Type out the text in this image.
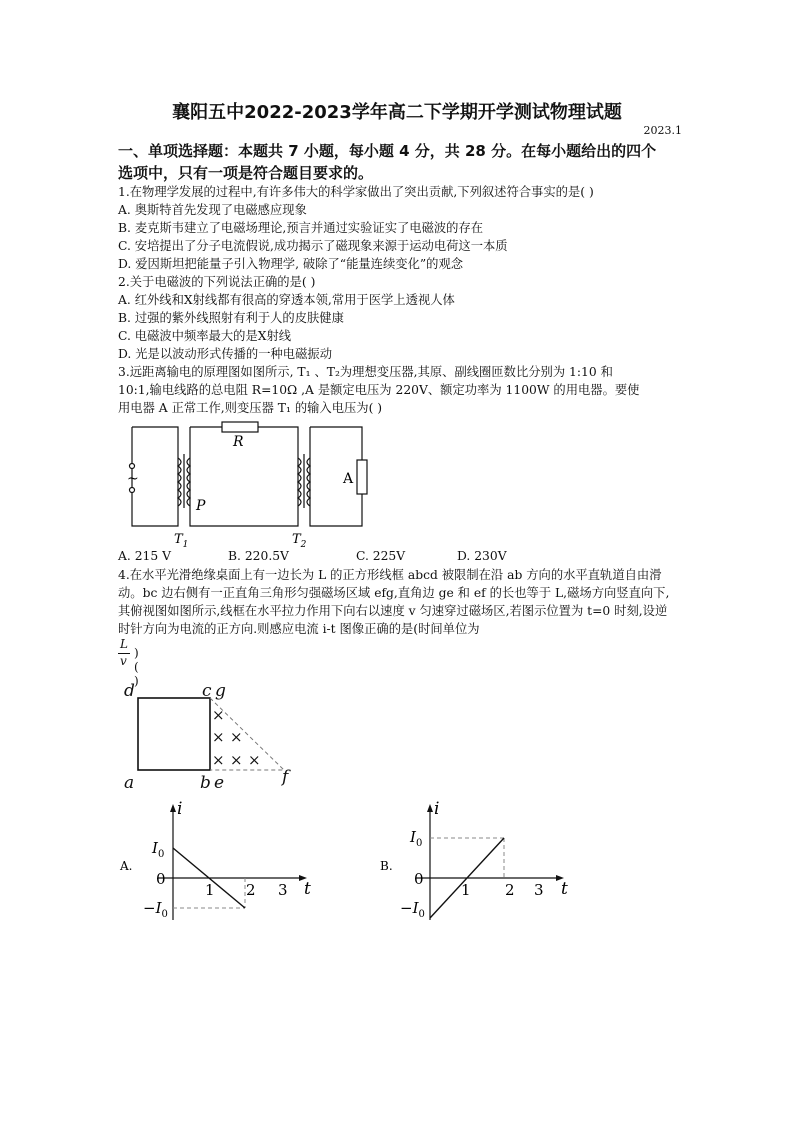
襄阳五中2022-2023学年高二下学期开学测试物理试题
2023.1
一、单项选择题：本题共 7 小题，每小题 4 分，共 28 分。在每小题给出的四个
选项中，只有一项是符合题目要求的。
1.在物理学发展的过程中,有许多伟大的科学家做出了突出贡献,下列叙述符合事实的是( )
A. 奥斯特首先发现了电磁感应现象
B. 麦克斯韦建立了电磁场理论,预言并通过实验证实了电磁波的存在
C. 安培提出了分子电流假说,成功揭示了磁现象来源于运动电荷这一本质
D. 爱因斯坦把能量子引入物理学, 破除了“能量连续变化”的观念
2.关于电磁波的下列说法正确的是( )
A. 红外线和X射线都有很高的穿透本领,常用于医学上透视人体
B. 过强的紫外线照射有利于人的皮肤健康
C. 电磁波中频率最大的是X射线
D. 光是以波动形式传播的一种电磁振动
3.远距离输电的原理图如图所示, T₁ 、T₂为理想变压器,其原、副线圈匝数比分别为 1:10 和
10:1,输电线路的总电阻 R=10Ω ,A 是额定电压为 220V、额定功率为 1100W 的用电器。要使
用电器 A 正常工作,则变压器 T₁ 的输入电压为( )
~
R
P
A
$T_1$	$T_2$
A. 215 V	B. 220.5V	C. 225V	D. 230V
4.在水平光滑绝缘桌面上有一边长为 L 的正方形线框 abcd 被限制在沿 ab 方向的水平直轨道自由滑动。bc 边右侧有一正直角三角形匀强磁场区域 efg,直角边 ge 和 ef 的长也等于 L,磁场方向竖直向下,其俯视图如图所示,线框在水平拉力作用下向右以速度 v 匀速穿过磁场区,若图示位置为 t=0 时刻,设逆时针方向为电流的正方向.则感应电流 i-t 图像正确的是(时间单位为
L
v
)( )
×
× ×
× × ×
d	c g
a	b e	f
A.
i
t
0
$I_0$
$-I_0$
1 2 3
B.
i
t
0
$I_0$
$-I_0$
1 2 3
